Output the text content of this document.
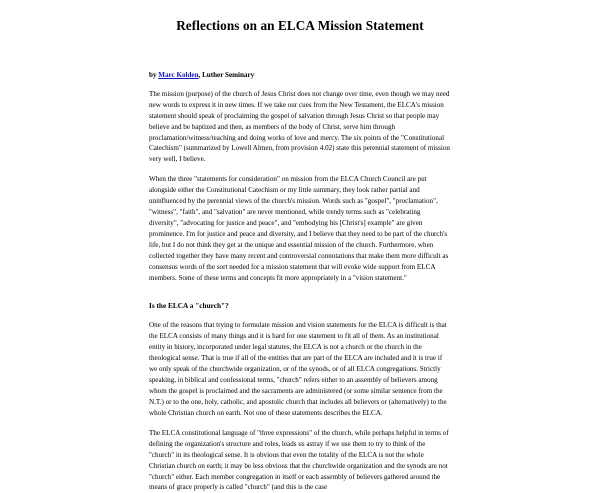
Reflections on an ELCA Mission Statement

by Marc Kolden, Luther Seminary

The mission (purpose) of the church of Jesus Christ does not change over time, even though we may need new words to express it in new times. If we take our cues from the New Testament, the ELCA's mission statement should speak of proclaiming the gospel of salvation through Jesus Christ so that people may believe and be baptized and then, as members of the body of Christ, serve him through proclamation/witness/teaching and doing works of love and mercy. The six points of the "Constitutional Catechism" (summarized by Lowell Almen, from provision 4.02) state this perennial statement of mission very well, I believe.

When the three "statements for consideration" on mission from the ELCA Church Council are put alongside either the Constitutional Catechism or my little summary, they look rather partial and uninfluenced by the perennial views of the church's mission. Words such as "gospel", "proclamation", "witness", "faith", and "salvation" are never mentioned, while trendy terms such as "celebrating diversity", "advocating for justice and peace", and "embodying his [Christ's] example" are given prominence. I'm for justice and peace and diversity, and I believe that they need to be part of the church's life, but I do not think they get at the unique and essential mission of the church. Furthermore, when collected together they have many recent and controversial connotations that make them more difficult as consensus words of the sort needed for a mission statement that will evoke wide support from ELCA members. Some of these terms and concepts fit more appropriately in a "vision statement."

Is the ELCA a "church"?

One of the reasons that trying to formulate mission and vision statements for the ELCA is difficult is that the ELCA consists of many things and it is hard for one statement to fit all of them. As an institutional entity in history, incorporated under legal statutes, the ELCA is not a church or the church in the theological sense. That is true if all of the entities that are part of the ELCA are included and it is true if we only speak of the churchwide organization, or of the synods, or of all ELCA congregations. Strictly speaking, in biblical and confessional terms, "church" refers either to an assembly of believers among whom the gospel is proclaimed and the sacraments are administered (or some similar sentence from the N.T.) or to the one, holy, catholic, and apostolic church that includes all believers or (alternatively) to the whole Christian church on earth. Not one of these statements describes the ELCA.

The ELCA constitutional language of "three expressions" of the church, while perhaps helpful in terms of defining the organization's structure and roles, leads us astray if we use them to try to think of the "church" in its theological sense. It is obvious that even the totality of the ELCA is not the whole Christian church on earth; it may be less obvious that the churchwide organization and the synods are not "church" either. Each member congregation in itself or each assembly of believers gathered around the means of grace properly is called "church" (and this is the case
